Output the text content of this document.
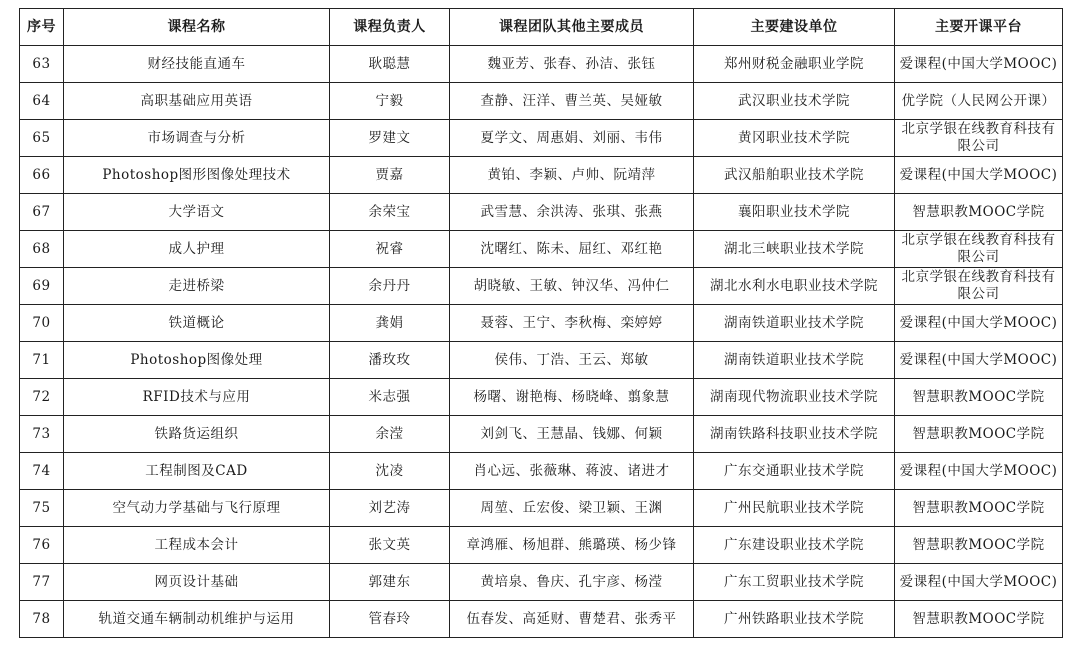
序号	课程名称	课程负责人	课程团队其他主要成员	主要建设单位	主要开课平台
63	财经技能直通车	耿聪慧	魏亚芳、张春、孙洁、张钰	郑州财税金融职业学院	爱课程(中国大学MOOC)
64	高职基础应用英语	宁毅	查静、汪洋、曹兰英、吴娅敏	武汉职业技术学院	优学院（人民网公开课）
65	市场调查与分析	罗建文	夏学文、周惠娟、刘丽、韦伟	黄冈职业技术学院	北京学银在线教育科技有限公司
66	Photoshop图形图像处理技术	贾嘉	黄铂、李颖、卢帅、阮靖萍	武汉船舶职业技术学院	爱课程(中国大学MOOC)
67	大学语文	余荣宝	武雪慧、余洪涛、张琪、张燕	襄阳职业技术学院	智慧职教MOOC学院
68	成人护理	祝睿	沈曙红、陈未、屈红、邓红艳	湖北三峡职业技术学院	北京学银在线教育科技有限公司
69	走进桥梁	余丹丹	胡晓敏、王敏、钟汉华、冯仲仁	湖北水利水电职业技术学院	北京学银在线教育科技有限公司
70	铁道概论	龚娟	聂蓉、王宁、李秋梅、栾婷婷	湖南铁道职业技术学院	爱课程(中国大学MOOC)
71	Photoshop图像处理	潘玫玫	侯伟、丁浩、王云、郑敏	湖南铁道职业技术学院	爱课程(中国大学MOOC)
72	RFID技术与应用	米志强	杨曙、谢艳梅、杨晓峰、翦象慧	湖南现代物流职业技术学院	智慧职教MOOC学院
73	铁路货运组织	余滢	刘剑飞、王慧晶、钱娜、何颖	湖南铁路科技职业技术学院	智慧职教MOOC学院
74	工程制图及CAD	沈凌	肖心远、张薇琳、蒋波、诸进才	广东交通职业技术学院	爱课程(中国大学MOOC)
75	空气动力学基础与飞行原理	刘艺涛	周堃、丘宏俊、梁卫颖、王渊	广州民航职业技术学院	智慧职教MOOC学院
76	工程成本会计	张文英	章鸿雁、杨旭群、熊璐瑛、杨少锋	广东建设职业技术学院	智慧职教MOOC学院
77	网页设计基础	郭建东	黄培泉、鲁庆、孔宇彦、杨滢	广东工贸职业技术学院	爱课程(中国大学MOOC)
78	轨道交通车辆制动机维护与运用	管春玲	伍春发、高延财、曹楚君、张秀平	广州铁路职业技术学院	智慧职教MOOC学院
